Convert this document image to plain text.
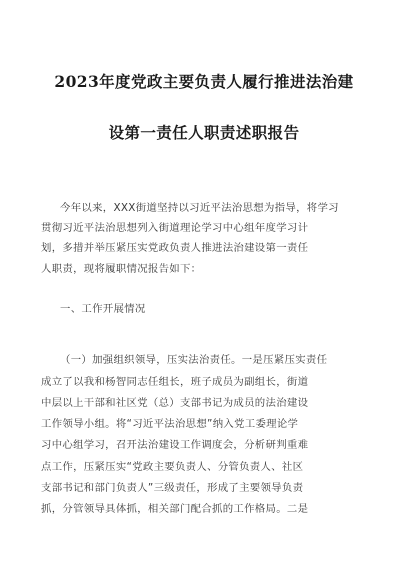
2023年度党政主要负责人履行推进法治建
设第一责任人职责述职报告
今年以来，XXX街道坚持以习近平法治思想为指导，将学习
贯彻习近平法治思想列入街道理论学习中心组年度学习计
划，多措并举压紧压实党政负责人推进法治建设第一责任
人职责，现将履职情况报告如下：
一、工作开展情况
（一）加强组织领导，压实法治责任。一是压紧压实责任
成立了以我和杨智同志任组长，班子成员为副组长，街道
中层以上干部和社区党（总）支部书记为成员的法治建设
工作领导小组。将“习近平法治思想”纳入党工委理论学
习中心组学习，召开法治建设工作调度会，分析研判重难
点工作，压紧压实“党政主要负责人、分管负责人、社区
支部书记和部门负责人”三级责任，形成了主要领导负责
抓，分管领导具体抓，相关部门配合抓的工作格局。二是
